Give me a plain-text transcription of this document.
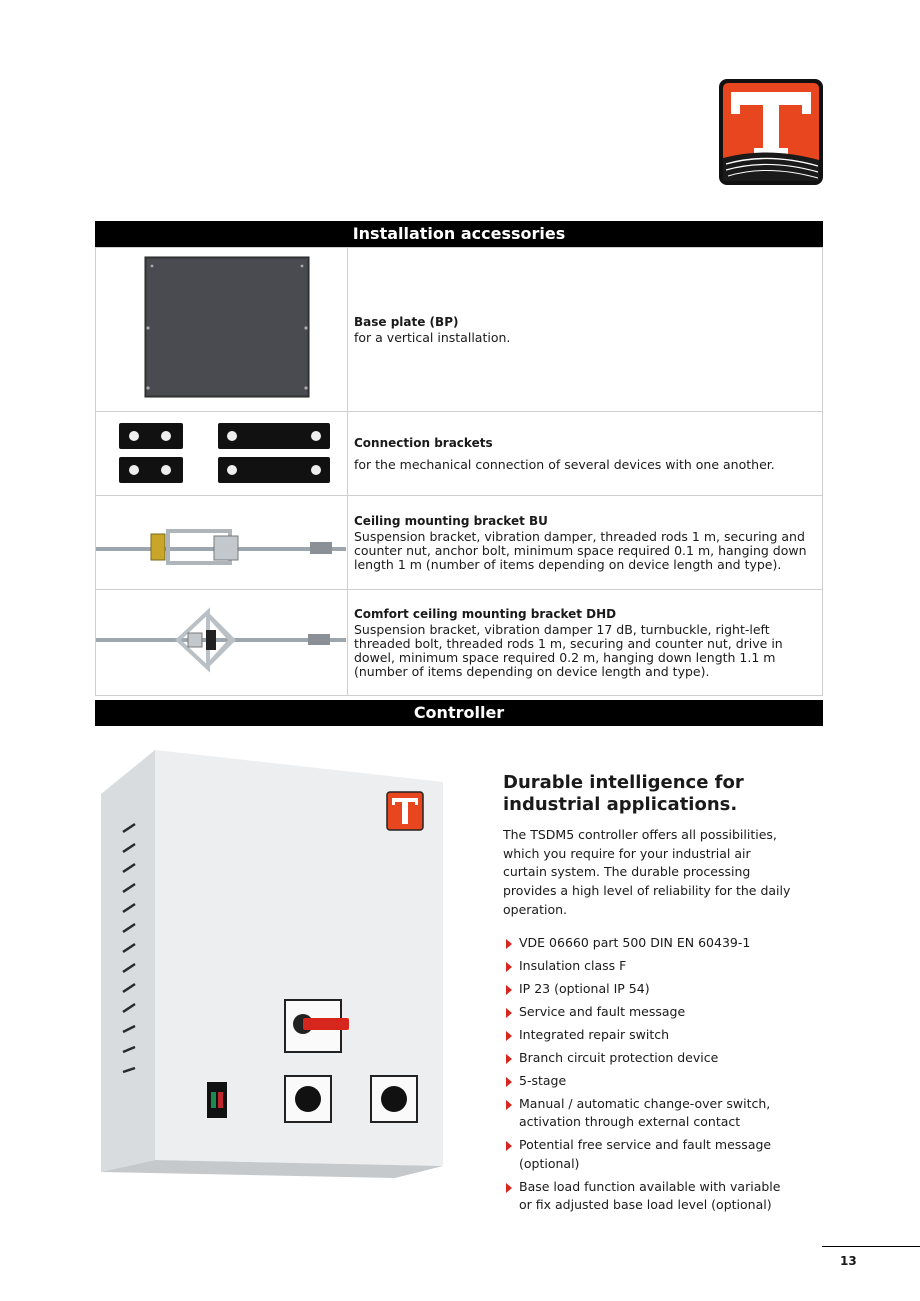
Installation accessories

Base plate (BP)
for a vertical installation.

Connection brackets
for the mechanical connection of several devices with one another.

Ceiling mounting bracket BU
Suspension bracket, vibration damper, threaded rods 1 m, securing and counter nut, anchor bolt, minimum space required 0.1 m, hanging down length 1 m (number of items depending on device length and type).

Comfort ceiling mounting bracket DHD
Suspension bracket, vibration damper 17 dB, turnbuckle, right-left threaded bolt, threaded rods 1 m, securing and counter nut, drive in dowel, minimum space required 0.2 m, hanging down length 1.1 m (number of items depending on device length and type).
Controller
Durable intelligence for industrial applications.

The TSDM5 controller offers all possibilities, which you require for your industrial air curtain system. The durable processing provides a high level of reliability for the daily operation.

VDE 06660 part 500 DIN EN 60439-1
Insulation class F
IP 23 (optional IP 54)
Service and fault message
Integrated repair switch
Branch circuit protection device
5-stage
Manual / automatic change-over switch, activation through external contact
Potential free service and fault message (optional)
Base load function available with variable or fix adjusted base load level (optional)
13
